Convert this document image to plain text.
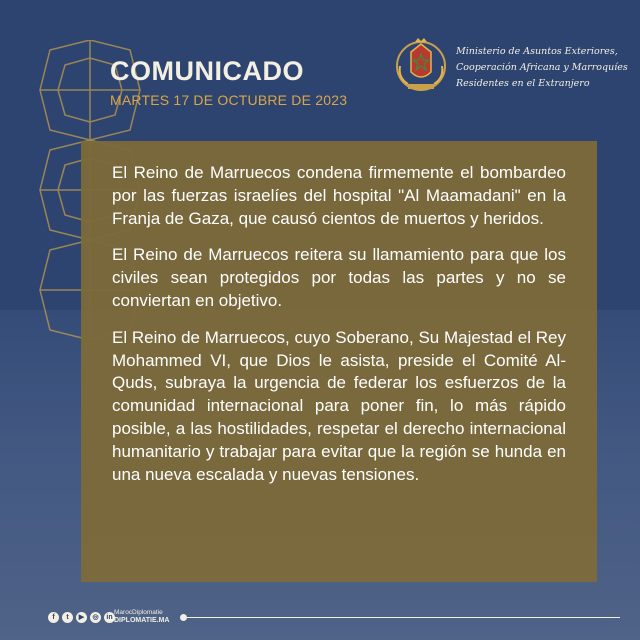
COMUNICADO
MARTES 17 DE OCTUBRE DE 2023
Ministerio de Asuntos Exteriores,
Cooperación Africana y Marroquíes
Residentes en el Extranjero

El Reino de Marruecos condena firmemente el bombardeo por las fuerzas israelíes del hospital "Al Maamadani" en la Franja de Gaza, que causó cientos de muertos y heridos.

El Reino de Marruecos reitera su llamamiento para que los civiles sean protegidos por todas las partes y no se conviertan en objetivo.

El Reino de Marruecos, cuyo Soberano, Su Majestad el Rey Mohammed VI, que Dios le asista, preside el Comité Al-Quds, subraya la urgencia de federar los esfuerzos de la comunidad internacional para poner fin, lo más rápido posible, a las hostilidades, respetar el derecho internacional humanitario y trabajar para evitar que la región se hunda en una nueva escalada y nuevas tensiones.

f	t	▶	◎	in
MarocDiplomatie
DIPLOMATIE.MA
